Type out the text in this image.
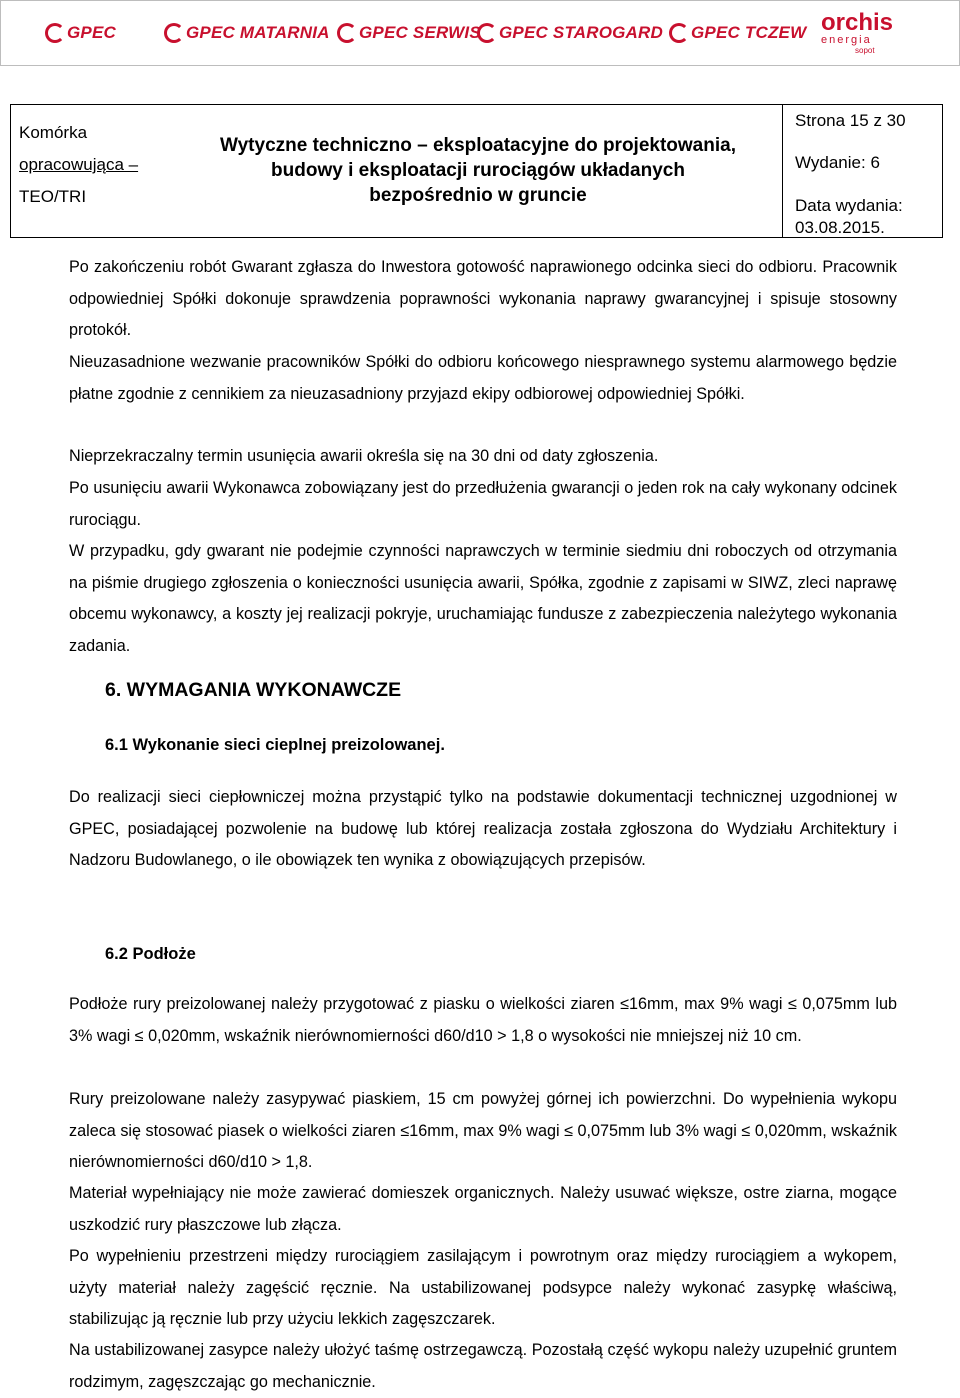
GPEC	GPEC MATARNIA GPEC SERWIS GPEC STAROGARD GPEC TCZEW orchis
energia
sopot
Komórka
opracowująca –
TEO/TRI
Wytyczne techniczno – eksploatacyjne do projektowania,
budowy i eksploatacji rurociągów układanych
bezpośrednio w gruncie
Strona 15 z 30
Wydanie: 6
Data wydania:
03.08.2015.

Po zakończeniu robót Gwarant zgłasza do Inwestora gotowość naprawionego odcinka sieci do odbioru. Pracownik odpowiedniej Spółki dokonuje sprawdzenia poprawności wykonania naprawy gwarancyjnej i spisuje stosowny protokół.

Nieuzasadnione wezwanie pracowników Spółki do odbioru końcowego niesprawnego systemu alarmowego będzie płatne zgodnie z cennikiem za nieuzasadniony przyjazd ekipy odbiorowej odpowiedniej Spółki.

Nieprzekraczalny termin usunięcia awarii określa się na 30 dni od daty zgłoszenia.

Po usunięciu awarii Wykonawca zobowiązany jest do przedłużenia gwarancji o jeden rok na cały wykonany odcinek rurociągu.

W przypadku, gdy gwarant nie podejmie czynności naprawczych w terminie siedmiu dni roboczych od otrzymania na piśmie drugiego zgłoszenia o konieczności usunięcia awarii, Spółka, zgodnie z zapisami w SIWZ, zleci naprawę obcemu wykonawcy, a koszty jej realizacji pokryje, uruchamiając fundusze z zabezpieczenia należytego wykonania zadania.

6. WYMAGANIA WYKONAWCZE

6.1 Wykonanie sieci cieplnej preizolowanej.

Do realizacji sieci ciepłowniczej można przystąpić tylko na podstawie dokumentacji technicznej uzgodnionej w GPEC, posiadającej pozwolenie na budowę lub której realizacja została zgłoszona do Wydziału Architektury i Nadzoru Budowlanego, o ile obowiązek ten wynika z obowiązujących przepisów.

6.2 Podłoże

Podłoże rury preizolowanej należy przygotować z piasku o wielkości ziaren ≤16mm, max 9% wagi ≤ 0,075mm lub 3% wagi ≤ 0,020mm, wskaźnik nierównomierności d60/d10 > 1,8 o wysokości nie mniejszej niż 10 cm.

Rury preizolowane należy zasypywać piaskiem, 15 cm powyżej górnej ich powierzchni. Do wypełnienia wykopu zaleca się stosować piasek o wielkości ziaren ≤16mm, max 9% wagi ≤ 0,075mm lub 3% wagi ≤ 0,020mm, wskaźnik nierównomierności d60/d10 > 1,8.

Materiał wypełniający nie może zawierać domieszek organicznych. Należy usuwać większe, ostre ziarna, mogące uszkodzić rury płaszczowe lub złącza.

Po wypełnieniu przestrzeni między rurociągiem zasilającym i powrotnym oraz między rurociągiem a wykopem, użyty materiał należy zagęścić ręcznie. Na ustabilizowanej podsypce należy wykonać zasypkę właściwą, stabilizując ją ręcznie lub przy użyciu lekkich zagęszczarek.

Na ustabilizowanej zasypce należy ułożyć taśmę ostrzegawczą. Pozostałą część wykopu należy uzupełnić gruntem rodzimym, zagęszczając go mechanicznie.
